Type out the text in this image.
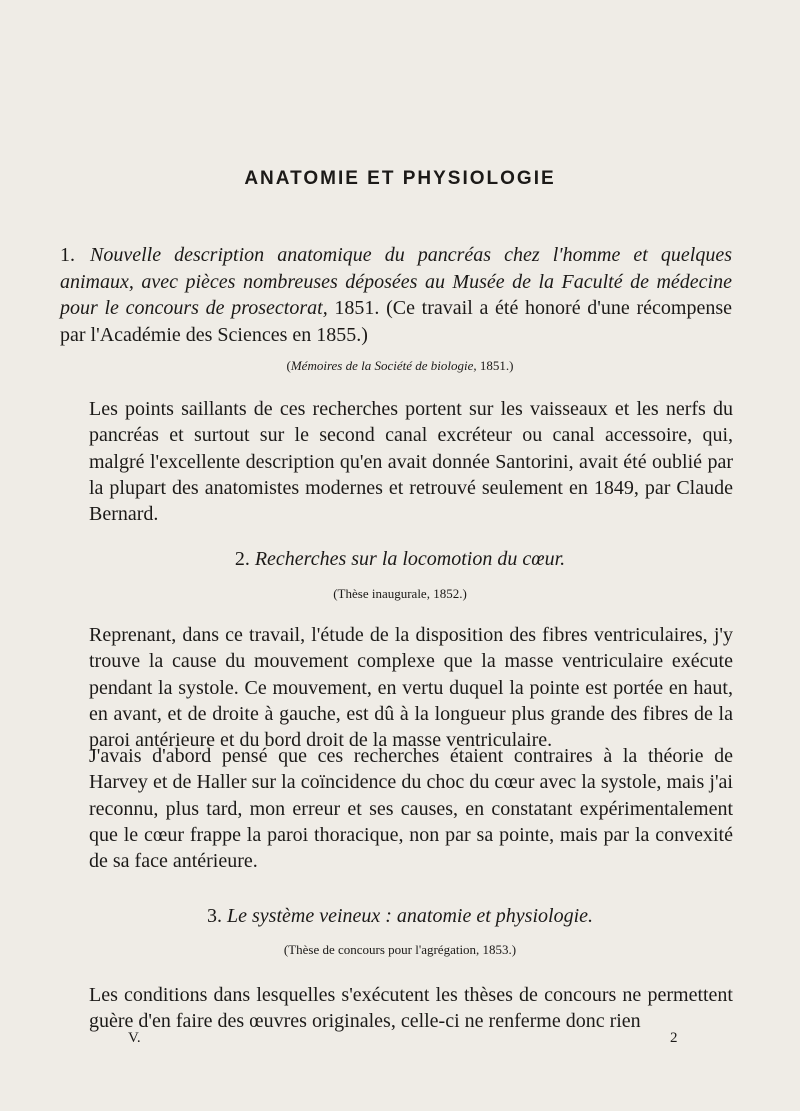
ANATOMIE ET PHYSIOLOGIE
1. Nouvelle description anatomique du pancréas chez l'homme et quelques animaux, avec pièces nombreuses déposées au Musée de la Faculté de médecine pour le concours de prosectorat, 1851. (Ce travail a été honoré d'une récompense par l'Académie des Sciences en 1855.)
(Mémoires de la Société de biologie, 1851.)

Les points saillants de ces recherches portent sur les vaisseaux et les nerfs du pancréas et surtout sur le second canal excréteur ou canal accessoire, qui, malgré l'excellente description qu'en avait donnée Santorini, avait été oublié par la plupart des anatomistes modernes et retrouvé seulement en 1849, par Claude Bernard.

2. Recherches sur la locomotion du cœur.
(Thèse inaugurale, 1852.)

Reprenant, dans ce travail, l'étude de la disposition des fibres ventriculaires, j'y trouve la cause du mouvement complexe que la masse ventriculaire exécute pendant la systole. Ce mouvement, en vertu duquel la pointe est portée en haut, en avant, et de droite à gauche, est dû à la longueur plus grande des fibres de la paroi antérieure et du bord droit de la masse ventriculaire.

J'avais d'abord pensé que ces recherches étaient contraires à la théorie de Harvey et de Haller sur la coïncidence du choc du cœur avec la systole, mais j'ai reconnu, plus tard, mon erreur et ses causes, en constatant expérimentalement que le cœur frappe la paroi thoracique, non par sa pointe, mais par la convexité de sa face antérieure.

3. Le système veineux : anatomie et physiologie.
(Thèse de concours pour l'agrégation, 1853.)

Les conditions dans lesquelles s'exécutent les thèses de concours ne permettent guère d'en faire des œuvres originales, celle-ci ne renferme donc rien

V.	2
